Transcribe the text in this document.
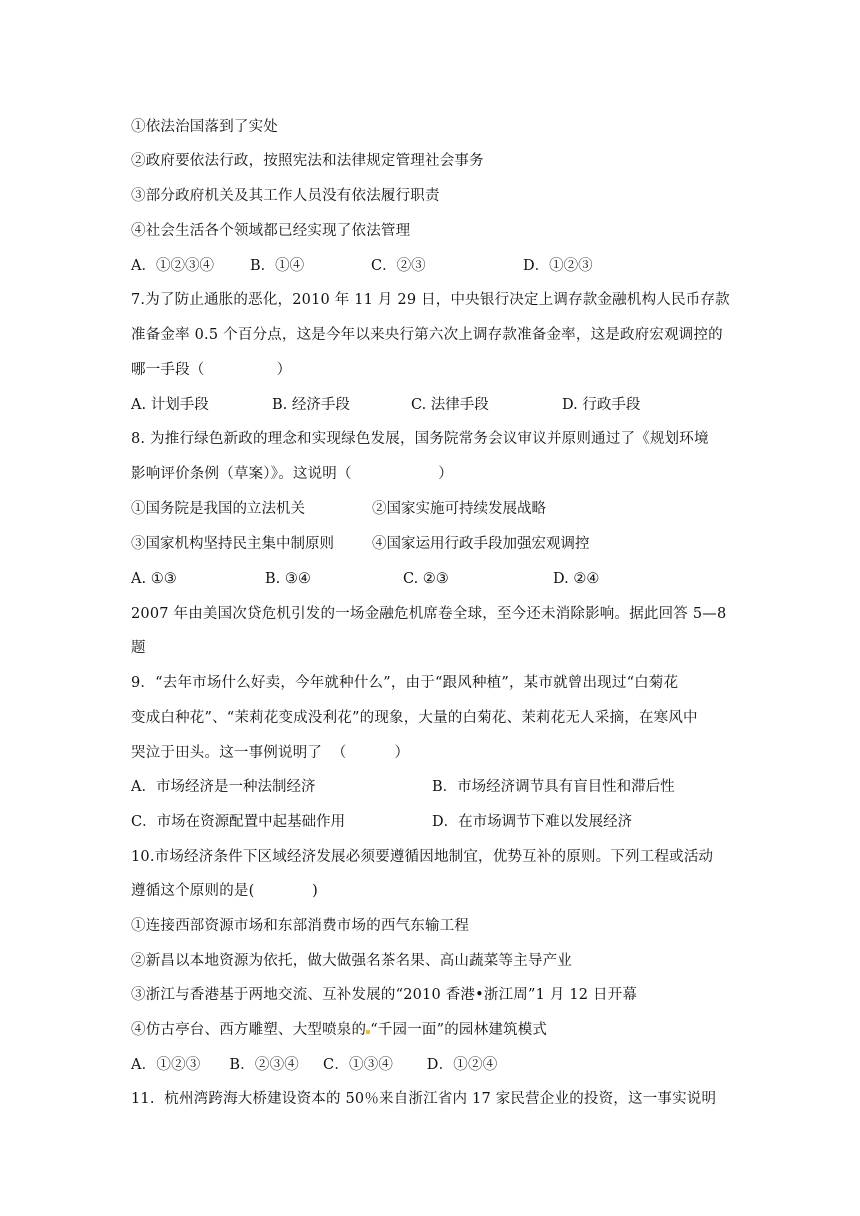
①依法治国落到了实处
②政府要依法行政，按照宪法和法律规定管理社会事务
③部分政府机关及其工作人员没有依法履行职责
④社会生活各个领域都已经实现了依法管理

A．①②③④

B．①④

	C．②③

	D．①②③

7.为了防止通胀的恶化，2010 年 11 月 29 日，中央银行决定上调存款金融机构人民币存款
准备金率 0.5 个百分点，这是今年以来央行第六次上调存款准备金率，这是政府宏观调控的
哪一手段（               ）

A. 计划手段

	B. 经济手段

	C. 法律手段

	D. 行政手段

8. 为推行绿色新政的理念和实现绿色发展，国务院常务会议审议并原则通过了《规划环境
影响评价条例（草案）》。这说明（                  ）

①国务院是我国的立法机关

	②国家实施可持续发展战略

③国家机构坚持民主集中制原则

	④国家运用行政手段加强宏观调控

A. ①③

	B. ③④

	C. ②③

	D. ②④

2007 年由美国次贷危机引发的一场金融危机席卷全球，至今还未消除影响。据此回答 5—8
题
9．“去年市场什么好卖，今年就种什么”，由于“跟风种植”，某市就曾出现过“白菊花
变成白种花”、“茉莉花变成没利花”的现象，大量的白菊花、茉莉花无人采摘，在寒风中
哭泣于田头。这一事例说明了  （          ）

A．市场经济是一种法制经济

	B．市场经济调节具有盲目性和滞后性

C．市场在资源配置中起基础作用

	D．在市场调节下难以发展经济

10.市场经济条件下区域经济发展必须要遵循因地制宜，优势互补的原则。下列工程或活动
遵循这个原则的是(            )
①连接西部资源市场和东部消费市场的西气东输工程
②新昌以本地资源为依托，做大做强名茶名果、高山蔬菜等主导产业
③浙江与香港基于两地交流、互补发展的“2010 香港•浙江周”1 月 12 日开幕
④仿古亭台、西方雕塑、大型喷泉的 “千园一面”的园林建筑模式
A．①②③      B．②③④     C．①③④       D．①②④
11.  杭州湾跨海大桥建设资本的 50％来自浙江省内 17 家民营企业的投资，这一事实说明
